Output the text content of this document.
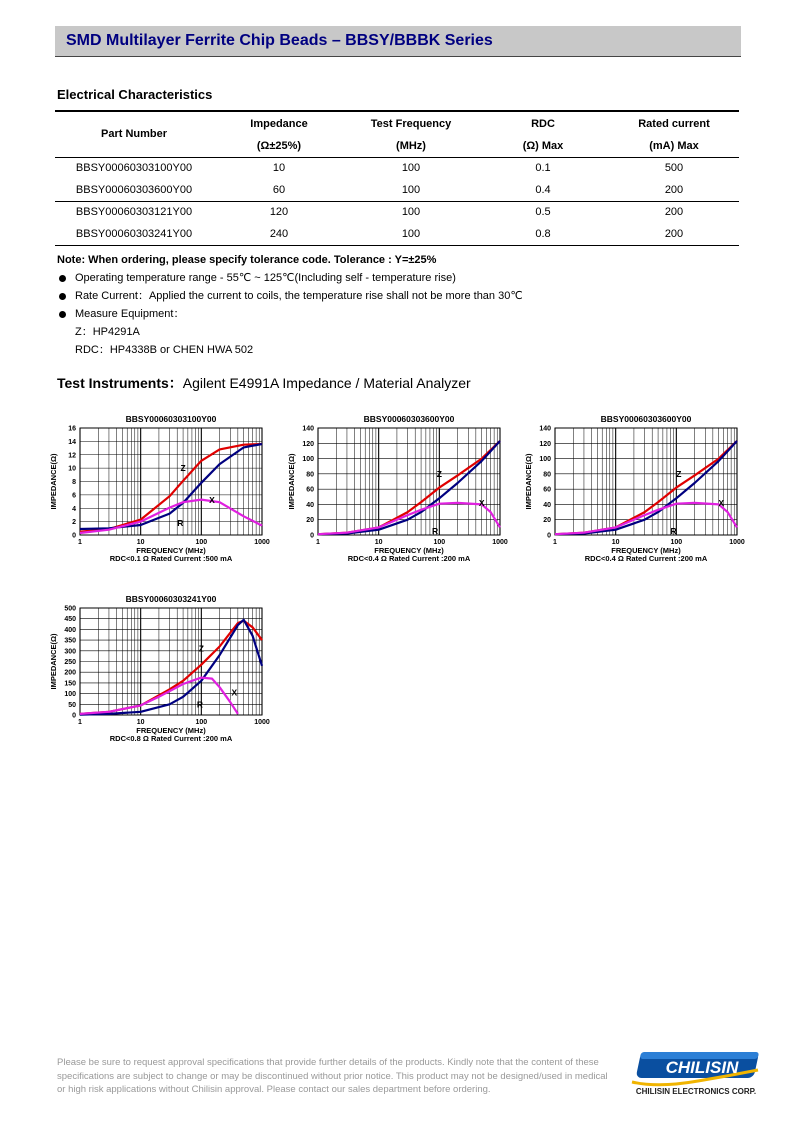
SMD Multilayer Ferrite Chip Beads – BBSY/BBBK Series
Electrical Characteristics
Part Number	Impedance	Test Frequency	RDC	Rated current
	(Ω±25%)	(MHz)	(Ω) Max	(mA) Max
BBSY00060303100Y00	10	100	0.1	500
BBSY00060303600Y00	60	100	0.4	200
BBSY00060303121Y00	120	100	0.5	200
BBSY00060303241Y00	240	100	0.8	200
Note: When ordering, please specify tolerance code. Tolerance : Y=±25%
Operating temperature range - 55℃ ~ 125℃(Including self - temperature rise)
Rate Current：Applied the current to coils, the temperature rise shall not be more than 30℃
Measure Equipment：
Z：HP4291A
RDC：HP4338B or CHEN HWA 502
Test Instruments：Agilent E4991A Impedance / Material Analyzer
BBSY00060303100Y00
1	10	100	1000
0
2
4
6
8
10
12
14
16
Z
R
X
FREQUENCY (MHz)
RDC<0.1 Ω Rated Current :500 mA
IMPEDANCE(Ω)
BBSY00060303600Y00
1	10	100	1000
0
20
40
60
80
100
120
140
Z
R
X
FREQUENCY (MHz)
RDC<0.4 Ω Rated Current :200 mA
IMPEDANCE(Ω)
BBSY00060303600Y00
1	10	100	1000
0
20
40
60
80
100
120
140
Z
R
X
FREQUENCY (MHz)
RDC<0.4 Ω Rated Current :200 mA
IMPEDANCE(Ω)
BBSY00060303241Y00
1	10	100	1000
0
50
100
150
200
250
300
350
400
450
500
Z
R
X
FREQUENCY (MHz)
RDC<0.8 Ω Rated Current :200 mA
IMPEDANCE(Ω)
Please be sure to request approval specifications that provide further details of the products. Kindly note that the content of these specifications are subject to change or may be discontinued without prior notice. This product may not be designed/used in medical or high risk applications without Chilisin approval. Please contact our sales department before ordering.
CHILISIN
CHILISIN ELECTRONICS CORP.
